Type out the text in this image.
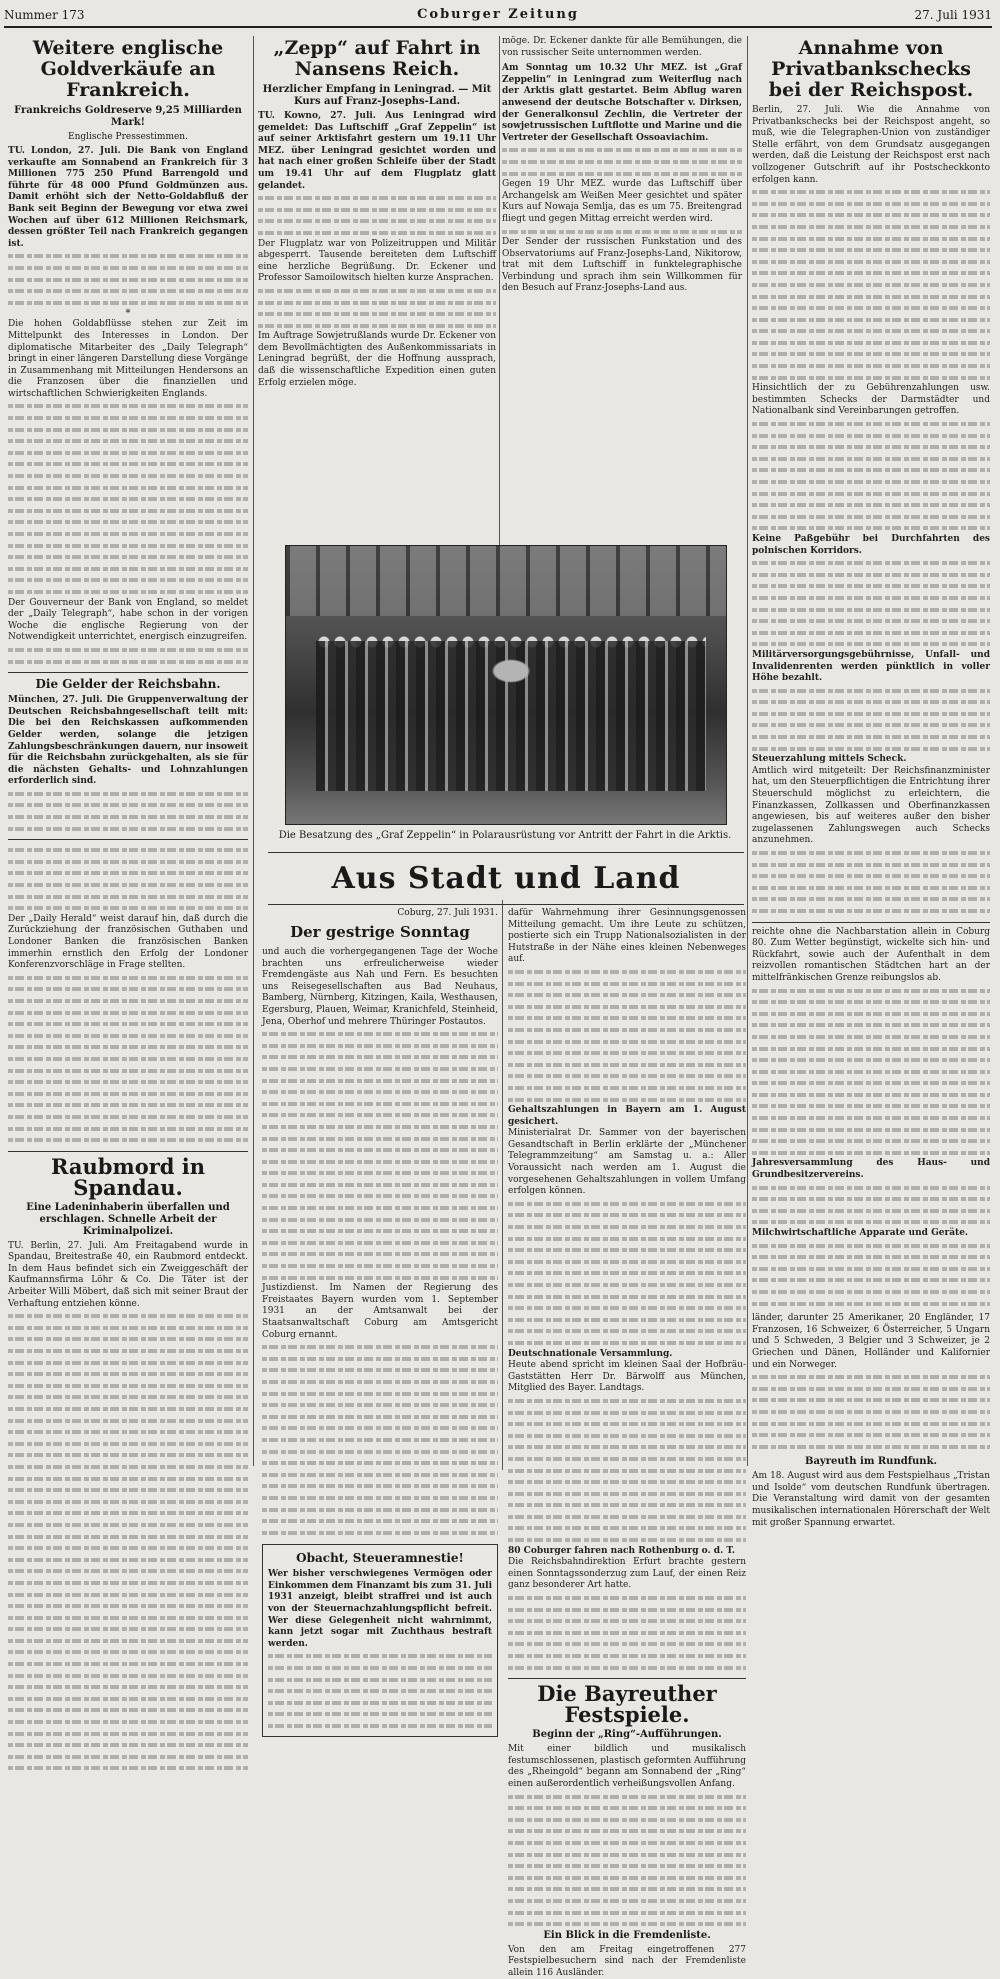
Nummer 173	Coburger Zeitung	27. Juli 1931
Weitere englische Goldverkäufe an Frankreich.
Frankreichs Goldreserve 9,25 Milliarden Mark!
Englische Pressestimmen.
TU. London, 27. Juli. Die Bank von England verkaufte am Sonnabend an Frankreich für 3 Millionen 775 250 Pfund Barrengold und führte für 48 000 Pfund Goldmünzen aus. Damit erhöht sich der Netto-Goldabfluß der Bank seit Beginn der Bewegung vor etwa zwei Wochen auf über 612 Millionen Reichsmark, dessen größter Teil nach Frankreich gegangen ist.
*
Die hohen Goldabflüsse stehen zur Zeit im Mittelpunkt des Interesses in London. Der diplomatische Mitarbeiter des „Daily Telegraph“ bringt in einer längeren Darstellung diese Vorgänge in Zusammenhang mit Mitteilungen Hendersons an die Franzosen über die finanziellen und wirtschaftlichen Schwierigkeiten Englands.
Der Gouverneur der Bank von England, so meldet der „Daily Telegraph“, habe schon in der vorigen Woche die englische Regierung von der Notwendigkeit unterrichtet, energisch einzugreifen.
Die Gelder der Reichsbahn.
München, 27. Juli. Die Gruppenverwaltung der Deutschen Reichsbahngesellschaft teilt mit: Die bei den Reichskassen aufkommenden Gelder werden, solange die jetzigen Zahlungsbeschränkungen dauern, nur insoweit für die Reichsbahn zurückgehalten, als sie für die nächsten Gehalts- und Lohnzahlungen erforderlich sind.
Der „Daily Herald“ weist darauf hin, daß durch die Zurückziehung der französischen Guthaben und Londoner Banken die französischen Banken immerhin ernstlich den Erfolg der Londoner Konferenzvorschläge in Frage stellten.
Raubmord in Spandau.
Eine Ladeninhaberin überfallen und erschlagen. Schnelle Arbeit der Kriminalpolizei.
TU. Berlin, 27. Juli. Am Freitagabend wurde in Spandau, Breitestraße 40, ein Raubmord entdeckt. In dem Haus befindet sich ein Zweiggeschäft der Kaufmannsfirma Löhr & Co. Die Täter ist der Arbeiter Willi Möbert, daß sich mit seiner Braut der Verhaftung entziehen könne.
„Zepp“ auf Fahrt in Nansens Reich.
Herzlicher Empfang in Leningrad. — Mit Kurs auf Franz-Josephs-Land.
TU. Kowno, 27. Juli. Aus Leningrad wird gemeldet: Das Luftschiff „Graf Zeppelin“ ist auf seiner Arktisfahrt gestern um 19.11 Uhr MEZ. über Leningrad gesichtet worden und hat nach einer großen Schleife über der Stadt um 19.41 Uhr auf dem Flugplatz glatt gelandet.
Der Flugplatz war von Polizeitruppen und Militär abgesperrt. Tausende bereiteten dem Luftschiff eine herzliche Begrüßung. Dr. Eckener und Professor Samoilowitsch hielten kurze Ansprachen.
Im Auftrage Sowjetrußlands wurde Dr. Eckener von dem Bevollmächtigten des Außenkommissariats in Leningrad begrüßt, der die Hoffnung aussprach, daß die wissenschaftliche Expedition einen guten Erfolg erzielen möge.
möge. Dr. Eckener dankte für alle Bemühungen, die von russischer Seite unternommen werden.
Am Sonntag um 10.32 Uhr MEZ. ist „Graf Zeppelin“ in Leningrad zum Weiterflug nach der Arktis glatt gestartet. Beim Abflug waren anwesend der deutsche Botschafter v. Dirksen, der Generalkonsul Zechlin, die Vertreter der sowjetrussischen Luftflotte und Marine und die Vertreter der Gesellschaft Ossoaviachim.
Gegen 19 Uhr MEZ. wurde das Luftschiff über Archangelsk am Weißen Meer gesichtet und später Kurs auf Nowaja Semlja, das es um 75. Breitengrad fliegt und gegen Mittag erreicht werden wird.
Der Sender der russischen Funkstation und des Observatoriums auf Franz-Josephs-Land, Nikitorow, trat mit dem Luftschiff in funktelegraphische Verbindung und sprach ihm sein Willkommen für den Besuch auf Franz-Josephs-Land aus.
Die Besatzung des „Graf Zeppelin“ in Polarausrüstung vor Antritt der Fahrt in die Arktis.
Aus Stadt und Land
Coburg, 27. Juli 1931.
Der gestrige Sonntag
und auch die vorhergegangenen Tage der Woche brachten uns erfreulicherweise wieder Fremdengäste aus Nah und Fern. Es besuchten uns Reisegesellschaften aus Bad Neuhaus, Bamberg, Nürnberg, Kitzingen, Kaila, Westhausen, Egersburg, Plauen, Weimar, Kranichfeld, Steinheid, Jena, Oberhof und mehrere Thüringer Postautos.
Justizdienst. Im Namen der Regierung des Freistaates Bayern wurden vom 1. September 1931 an der Amtsanwalt bei der Staatsanwaltschaft Coburg am Amtsgericht Coburg ernannt.
Obacht, Steueramnestie!
Wer bisher verschwiegenes Vermögen oder Einkommen dem Finanzamt bis zum 31. Juli 1931 anzeigt, bleibt straffrei und ist auch von der Steuernachzahlungspflicht befreit. Wer diese Gelegenheit nicht wahrnimmt, kann jetzt sogar mit Zuchthaus bestraft werden.
dafür Wahrnehmung ihrer Gesinnungsgenossen Mitteilung gemacht. Um ihre Leute zu schützen, postierte sich ein Trupp Nationalsozialisten in der Hutstraße in der Nähe eines kleinen Nebenweges auf.
Gehaltszahlungen in Bayern am 1. August gesichert.
Ministerialrat Dr. Sammer von der bayerischen Gesandtschaft in Berlin erklärte der „Münchener Telegrammzeitung“ am Samstag u. a.: Aller Voraussicht nach werden am 1. August die vorgesehenen Gehaltszahlungen in vollem Umfang erfolgen können.
Deutschnationale Versammlung.
Heute abend spricht im kleinen Saal der Hofbräu-Gaststätten Herr Dr. Bärwolff aus München, Mitglied des Bayer. Landtags.
80 Coburger fahren nach Rothenburg o. d. T.
Die Reichsbahndirektion Erfurt brachte gestern einen Sonntagssonderzug zum Lauf, der einen Reiz ganz besonderer Art hatte.
Die Bayreuther Festspiele.
Beginn der „Ring“-Aufführungen.
Mit einer bildlich und musikalisch festumschlossenen, plastisch geformten Aufführung des „Rheingold“ begann am Sonnabend der „Ring“ einen außerordentlich verheißungsvollen Anfang.
Ein Blick in die Fremdenliste.
Von den am Freitag eingetroffenen 277 Festspielbesuchern sind nach der Fremdenliste allein 116 Ausländer.
Annahme von Privatbankschecks bei der Reichspost.
Berlin, 27. Juli. Wie die Annahme von Privatbankschecks bei der Reichspost angeht, so muß, wie die Telegraphen-Union von zuständiger Stelle erfährt, von dem Grundsatz ausgegangen werden, daß die Leistung der Reichspost erst nach vollzogener Gutschrift auf ihr Postscheckkonto erfolgen kann.
Hinsichtlich der zu Gebührenzahlungen usw. bestimmten Schecks der Darmstädter und Nationalbank sind Vereinbarungen getroffen.
Keine Paßgebühr bei Durchfahrten des polnischen Korridors.
Militärversorgungsgebührnisse, Unfall- und Invalidenrenten werden pünktlich in voller Höhe bezahlt.
Steuerzahlung mittels Scheck.
Amtlich wird mitgeteilt: Der Reichsfinanzminister hat, um den Steuerpflichtigen die Entrichtung ihrer Steuerschuld möglichst zu erleichtern, die Finanzkassen, Zollkassen und Oberfinanzkassen angewiesen, bis auf weiteres außer den bisher zugelassenen Zahlungswegen auch Schecks anzunehmen.
reichte ohne die Nachbarstation allein in Coburg 80. Zum Wetter begünstigt, wickelte sich hin- und Rückfahrt, sowie auch der Aufenthalt in dem reizvollen romantischen Städtchen hart an der mittelfränkischen Grenze reibungslos ab.
Jahresversammlung des Haus- und Grundbesitzervereins.
Milchwirtschaftliche Apparate und Geräte.
länder, darunter 25 Amerikaner, 20 Engländer, 17 Franzosen, 16 Schweizer, 6 Österreicher, 5 Ungarn und 5 Schweden, 3 Belgier und 3 Schweizer, je 2 Griechen und Dänen, Holländer und Kalifornier und ein Norweger.
Bayreuth im Rundfunk.
Am 18. August wird aus dem Festspielhaus „Tristan und Isolde“ vom deutschen Rundfunk übertragen. Die Veranstaltung wird damit von der gesamten musikalischen internationalen Hörerschaft der Welt mit großer Spannung erwartet.
